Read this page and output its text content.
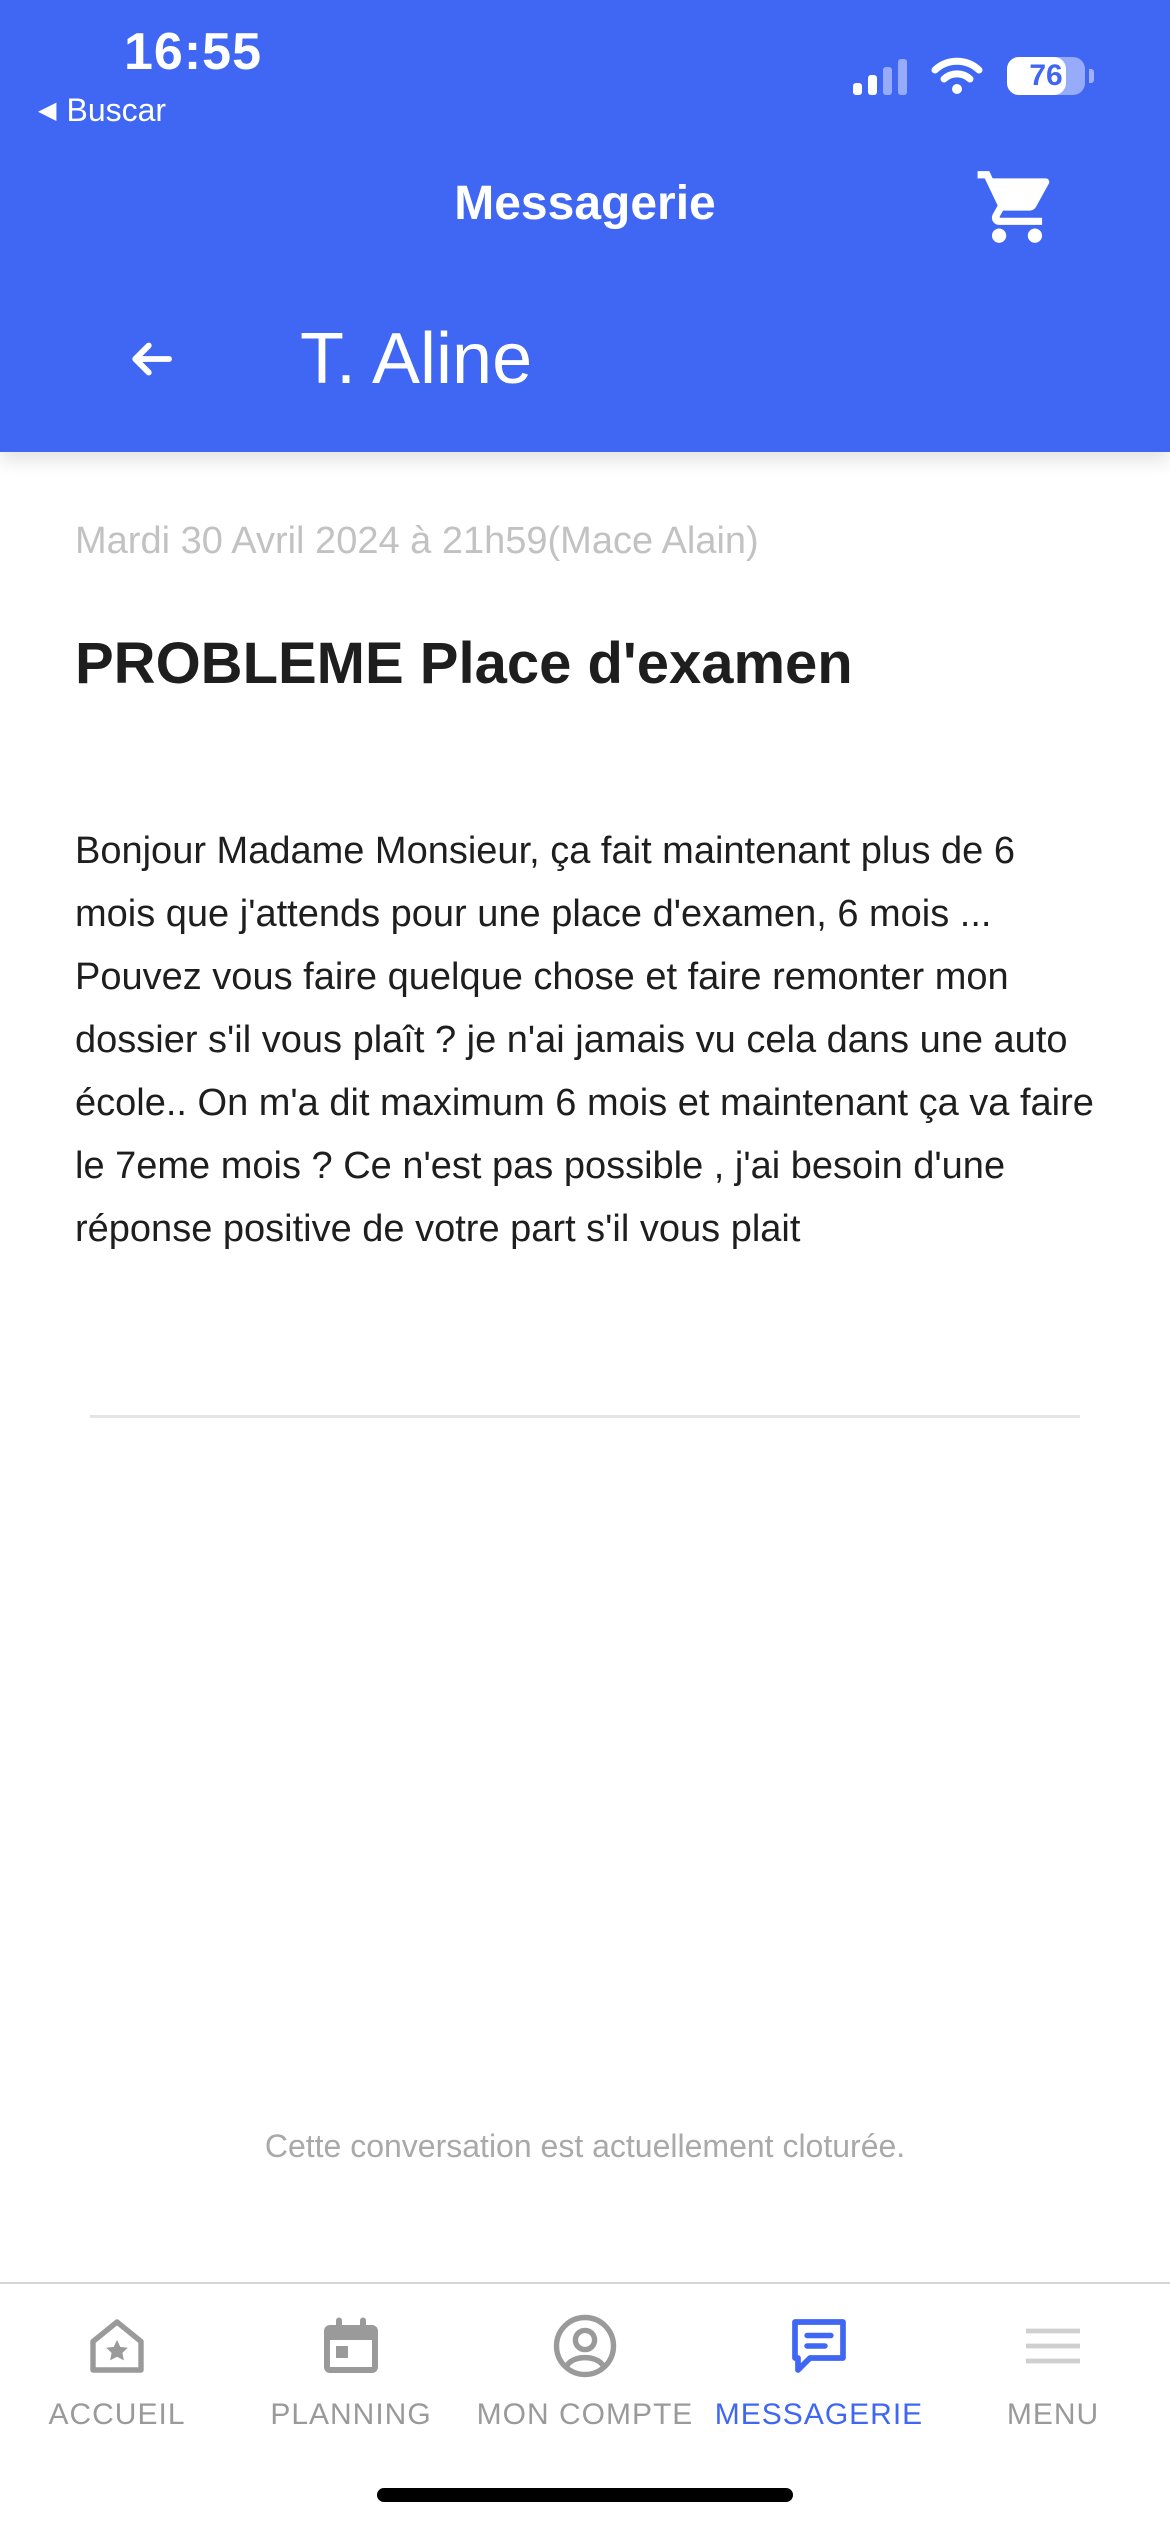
16:55
◀ Buscar
76
Messagerie
T. Aline
Mardi 30 Avril 2024 à 21h59(Mace Alain)
PROBLEME Place d'examen
Bonjour Madame Monsieur, ça fait maintenant plus de 6 mois que j'attends pour une place d'examen, 6 mois ... Pouvez vous faire quelque chose et faire remonter mon dossier s'il vous plaît ? je n'ai jamais vu cela dans une auto école.. On m'a dit maximum 6 mois et maintenant ça va faire le 7eme mois ? Ce n'est pas possible , j'ai besoin d'une réponse positive de votre part s'il vous plait
Cette conversation est actuellement cloturée.
ACCUEIL	PLANNING MON COMPTE MESSAGERIE	MENU
